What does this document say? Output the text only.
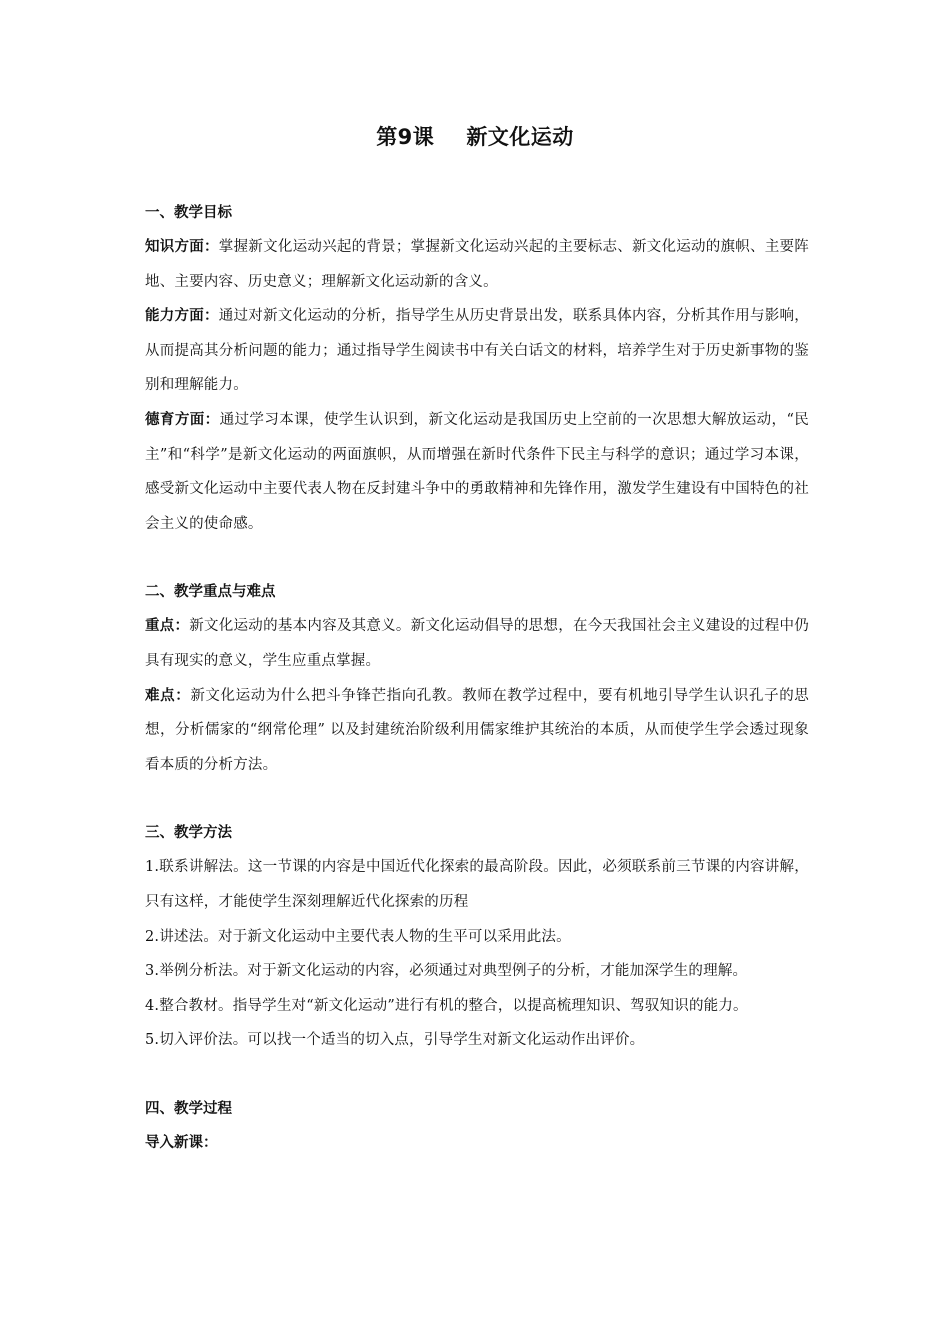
第9课 新文化运动
一、教学目标
知识方面：掌握新文化运动兴起的背景；掌握新文化运动兴起的主要标志、新文化运动的旗帜、主要阵地、主要内容、历史意义；理解新文化运动新的含义。
能力方面：通过对新文化运动的分析，指导学生从历史背景出发，联系具体内容，分析其作用与影响，从而提高其分析问题的能力；通过指导学生阅读书中有关白话文的材料，培养学生对于历史新事物的鉴别和理解能力。
德育方面：通过学习本课，使学生认识到，新文化运动是我国历史上空前的一次思想大解放运动，“民主”和“科学”是新文化运动的两面旗帜，从而增强在新时代条件下民主与科学的意识；通过学习本课，感受新文化运动中主要代表人物在反封建斗争中的勇敢精神和先锋作用，激发学生建设有中国特色的社会主义的使命感。
二、教学重点与难点
重点：新文化运动的基本内容及其意义。新文化运动倡导的思想，在今天我国社会主义建设的过程中仍具有现实的意义，学生应重点掌握。
难点：新文化运动为什么把斗争锋芒指向孔教。教师在教学过程中，要有机地引导学生认识孔子的思想，分析儒家的“纲常伦理” 以及封建统治阶级利用儒家维护其统治的本质，从而使学生学会透过现象看本质的分析方法。
三、教学方法
1.联系讲解法。这一节课的内容是中国近代化探索的最高阶段。因此，必须联系前三节课的内容讲解，只有这样，才能使学生深刻理解近代化探索的历程
2.讲述法。对于新文化运动中主要代表人物的生平可以采用此法。
3.举例分析法。对于新文化运动的内容，必须通过对典型例子的分析，才能加深学生的理解。
4.整合教材。指导学生对“新文化运动”进行有机的整合，以提高梳理知识、驾驭知识的能力。
5.切入评价法。可以找一个适当的切入点，引导学生对新文化运动作出评价。
四、教学过程
导入新课：
